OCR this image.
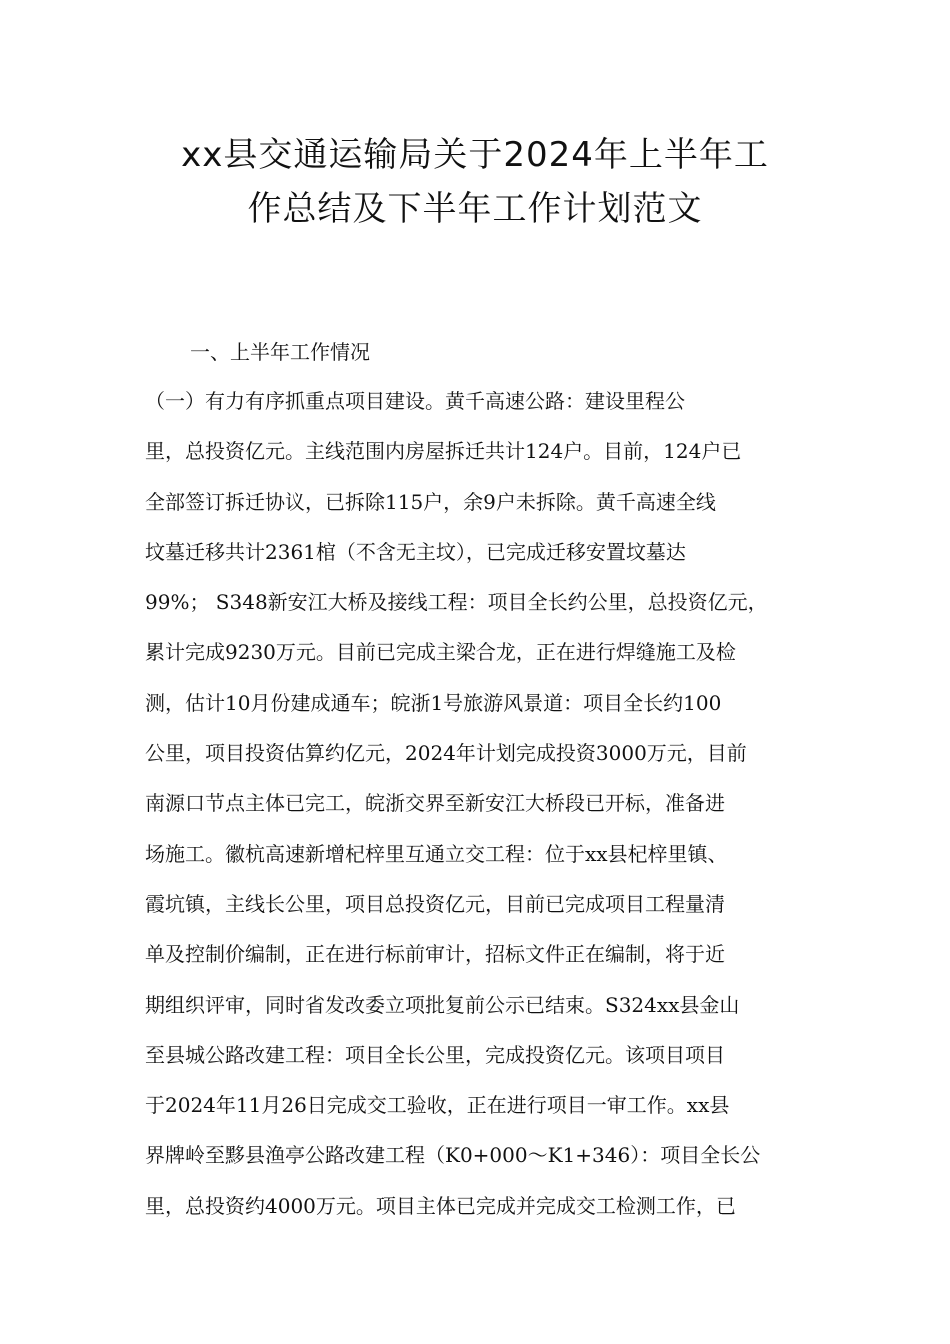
xx县交通运输局关于2024年上半年工
作总结及下半年工作计划范文
一、上半年工作情况
（一）有力有序抓重点项目建设。黄千高速公路：建设里程公
里，总投资亿元。主线范围内房屋拆迁共计124户。目前，124户已
全部签订拆迁协议，已拆除115户，余9户未拆除。黄千高速全线
坟墓迁移共计2361棺（不含无主坟），已完成迁移安置坟墓达
99%； S348新安江大桥及接线工程：项目全长约公里，总投资亿元，
累计完成9230万元。目前已完成主梁合龙，正在进行焊缝施工及检
测，估计10月份建成通车；皖浙1号旅游风景道：项目全长约100
公里，项目投资估算约亿元，2024年计划完成投资3000万元，目前
南源口节点主体已完工，皖浙交界至新安江大桥段已开标，准备进
场施工。徽杭高速新增杞梓里互通立交工程：位于xx县杞梓里镇、
霞坑镇，主线长公里，项目总投资亿元，目前已完成项目工程量清
单及控制价编制，正在进行标前审计，招标文件正在编制，将于近
期组织评审，同时省发改委立项批复前公示已结束。S324xx县金山
至县城公路改建工程：项目全长公里，完成投资亿元。该项目项目
于2024年11月26日完成交工验收，正在进行项目一审工作。xx县
界牌岭至黟县渔亭公路改建工程（K0+000～K1+346）：项目全长公
里，总投资约4000万元。项目主体已完成并完成交工检测工作，已
